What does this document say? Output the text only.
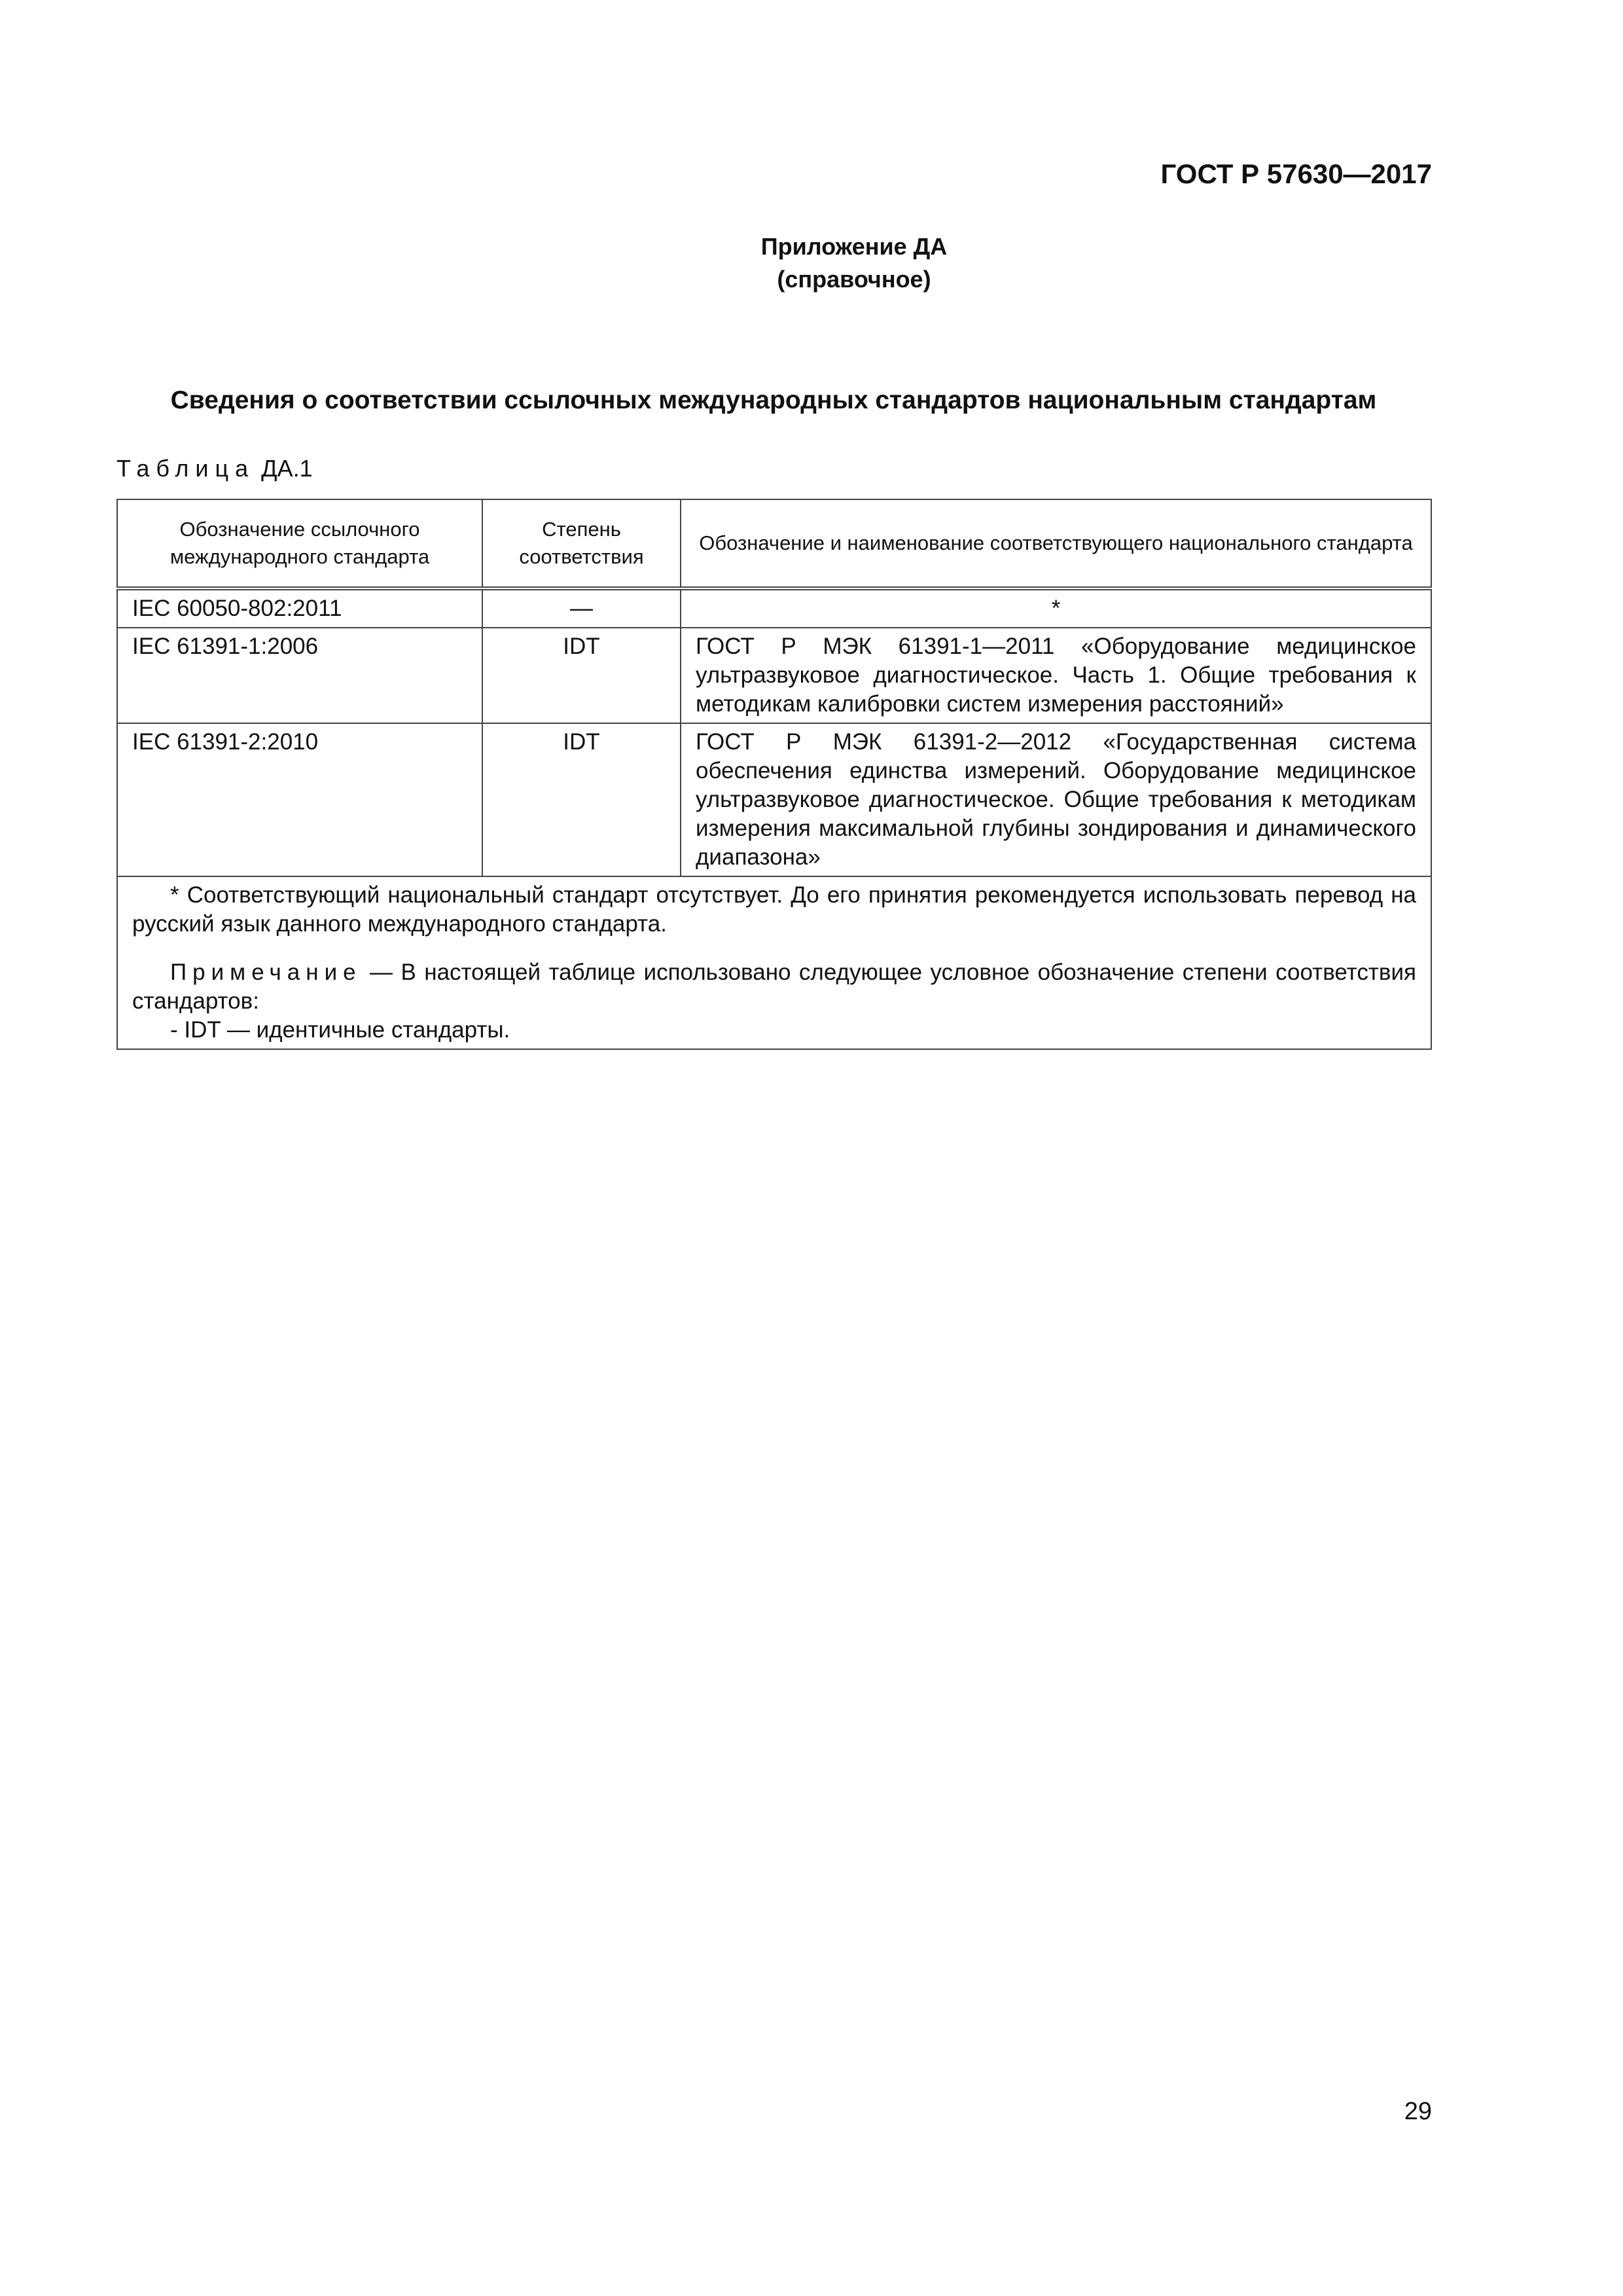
ГОСТ Р 57630—2017
Приложение ДА
(справочное)
Сведения о соответствии ссылочных международных стандартов национальным стандартам
Таблица ДА.1
Обозначение ссылочного международного стандарта	Степень соответствия	Обозначение и наименование соответствующего национального стандарта
IEC 60050-802:2011	—	*
IEC 61391-1:2006	IDT	ГОСТ Р МЭК 61391-1—2011 «Оборудование медицинское ультразвуковое диагностическое. Часть 1. Общие требования к методикам калибровки систем измерения расстояний»
IEC 61391-2:2010	IDT	ГОСТ Р МЭК 61391-2—2012 «Государственная система обеспечения единства измерений. Оборудование медицинское ультразвуковое диагностическое. Общие требования к методикам измерения максимальной глубины зондирования и динамического диапазона»

* Соответствующий национальный стандарт отсутствует. До его принятия рекомендуется использовать перевод на русский язык данного международного стандарта.

Примечание — В настоящей таблице использовано следующее условное обозначение степени соответствия стандартов:

- IDT — идентичные стандарты.		

29
